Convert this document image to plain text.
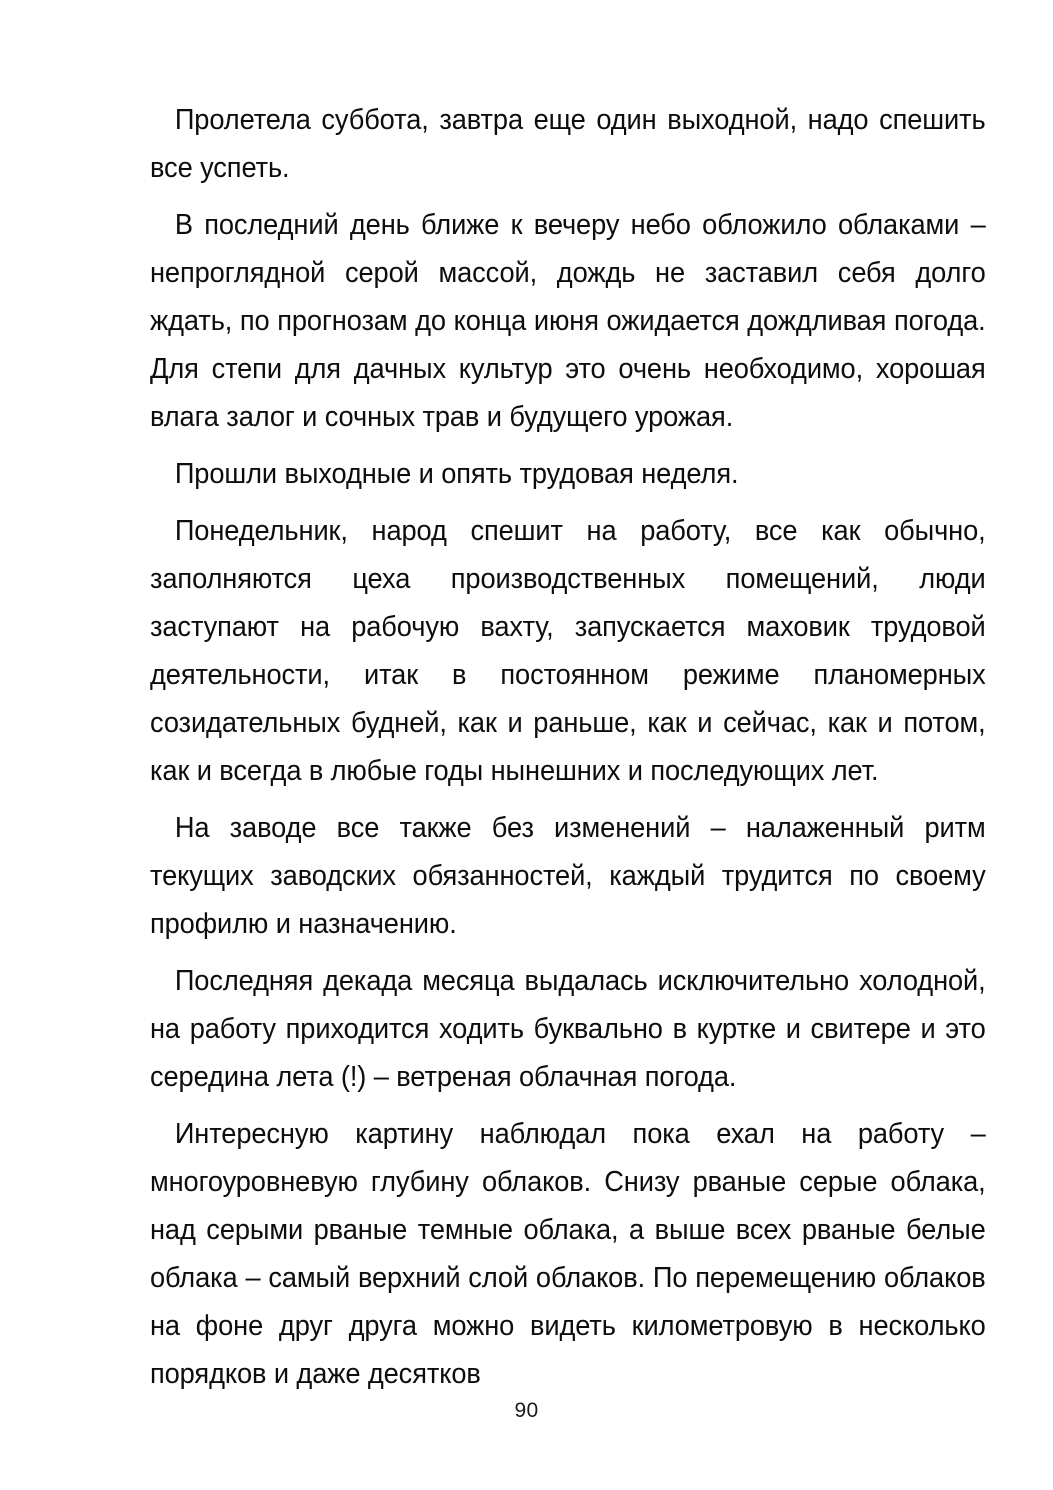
Пролетела суббота, завтра еще один выходной, надо спешить все успеть.

В последний день ближе к вечеру небо обложило облаками – непроглядной серой массой, дождь не заставил себя долго ждать, по прогнозам до конца июня ожидается дождливая погода. Для степи для дачных культур это очень необходимо, хорошая влага залог и сочных трав и будущего урожая.

Прошли выходные и опять трудовая неделя.

Понедельник, народ спешит на работу, все как обычно, заполняются цеха производственных помещений, люди заступают на рабочую вахту, запускается маховик трудовой деятельности, итак в постоянном режиме планомерных созидательных будней, как и раньше, как и сейчас, как и потом, как и всегда в любые годы нынешних и последующих лет.

На заводе все также без изменений – налаженный ритм текущих заводских обязанностей, каждый трудится по своему профилю и назначению.

Последняя декада месяца выдалась исключительно холодной, на работу приходится ходить буквально в куртке и свитере и это середина лета (!) – ветреная облачная погода.

Интересную картину наблюдал пока ехал на работу – многоуровневую глубину облаков. Снизу рваные серые облака, над серыми рваные темные облака, а выше всех рваные белые облака – самый верхний слой облаков. По перемещению облаков на фоне друг друга можно видеть километровую в несколько порядков и даже десятков

90
